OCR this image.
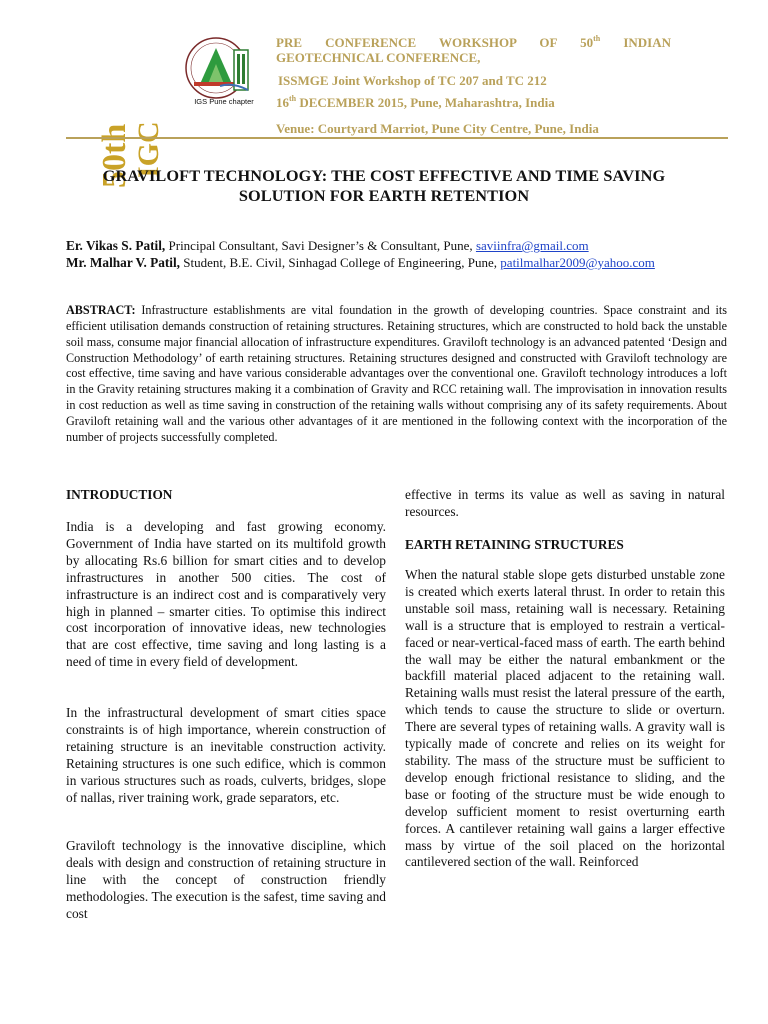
50th IGC
IGS Pune chapter
PRE CONFERENCE WORKSHOP OF 50th INDIAN
GEOTECHNICAL CONFERENCE,
ISSMGE Joint Workshop of TC 207 and TC 212
16th DECEMBER 2015, Pune, Maharashtra, India
Venue: Courtyard Marriot, Pune City Centre, Pune, India
GRAVILOFT TECHNOLOGY: THE COST EFFECTIVE AND TIME SAVING
SOLUTION FOR EARTH RETENTION
Er. Vikas S. Patil, Principal Consultant, Savi Designer’s & Consultant, Pune, saviinfra@gmail.com
Mr. Malhar V. Patil, Student, B.E. Civil, Sinhagad College of Engineering, Pune, patilmalhar2009@yahoo.com
ABSTRACT: Infrastructure establishments are vital foundation in the growth of developing countries. Space constraint and its efficient utilisation demands construction of retaining structures. Retaining structures, which are constructed to hold back the unstable soil mass, consume major financial allocation of infrastructure expenditures. Graviloft technology is an advanced patented ‘Design and Construction Methodology’ of earth retaining structures. Retaining structures designed and constructed with Graviloft technology are cost effective, time saving and have various considerable advantages over the conventional one. Graviloft technology introduces a loft in the Gravity retaining structures making it a combination of Gravity and RCC retaining wall. The improvisation in innovation results in cost reduction as well as time saving in construction of the retaining walls without comprising any of its safety requirements. About Graviloft retaining wall and the various other advantages of it are mentioned in the following context with the incorporation of the number of projects successfully completed.
INTRODUCTION
India is a developing and fast growing economy. Government of India have started on its multifold growth by allocating Rs.6 billion for smart cities and to develop infrastructures in another 500 cities. The cost of infrastructure is an indirect cost and is comparatively very high in planned – smarter cities. To optimise this indirect cost incorporation of innovative ideas, new technologies that are cost effective, time saving and long lasting is a need of time in every field of development.
In the infrastructural development of smart cities space constraints is of high importance, wherein construction of retaining structure is an inevitable construction activity. Retaining structures is one such edifice, which is common in various structures such as roads, culverts, bridges, slope of nallas, river training work, grade separators, etc.
Graviloft technology is the innovative discipline, which deals with design and construction of retaining structure in line with the concept of construction friendly methodologies. The execution is the safest, time saving and cost
effective in terms its value as well as saving in natural resources.
EARTH RETAINING STRUCTURES
When the natural stable slope gets disturbed unstable zone is created which exerts lateral thrust. In order to retain this unstable soil mass, retaining wall is necessary. Retaining wall is a structure that is employed to restrain a vertical-faced or near-vertical-faced mass of earth. The earth behind the wall may be either the natural embankment or the backfill material placed adjacent to the retaining wall. Retaining walls must resist the lateral pressure of the earth, which tends to cause the structure to slide or overturn. There are several types of retaining walls. A gravity wall is typically made of concrete and relies on its weight for stability. The mass of the structure must be sufficient to develop enough frictional resistance to sliding, and the base or footing of the structure must be wide enough to develop sufficient moment to resist overturning earth forces. A cantilever retaining wall gains a larger effective mass by virtue of the soil placed on the horizontal cantilevered section of the wall. Reinforced
